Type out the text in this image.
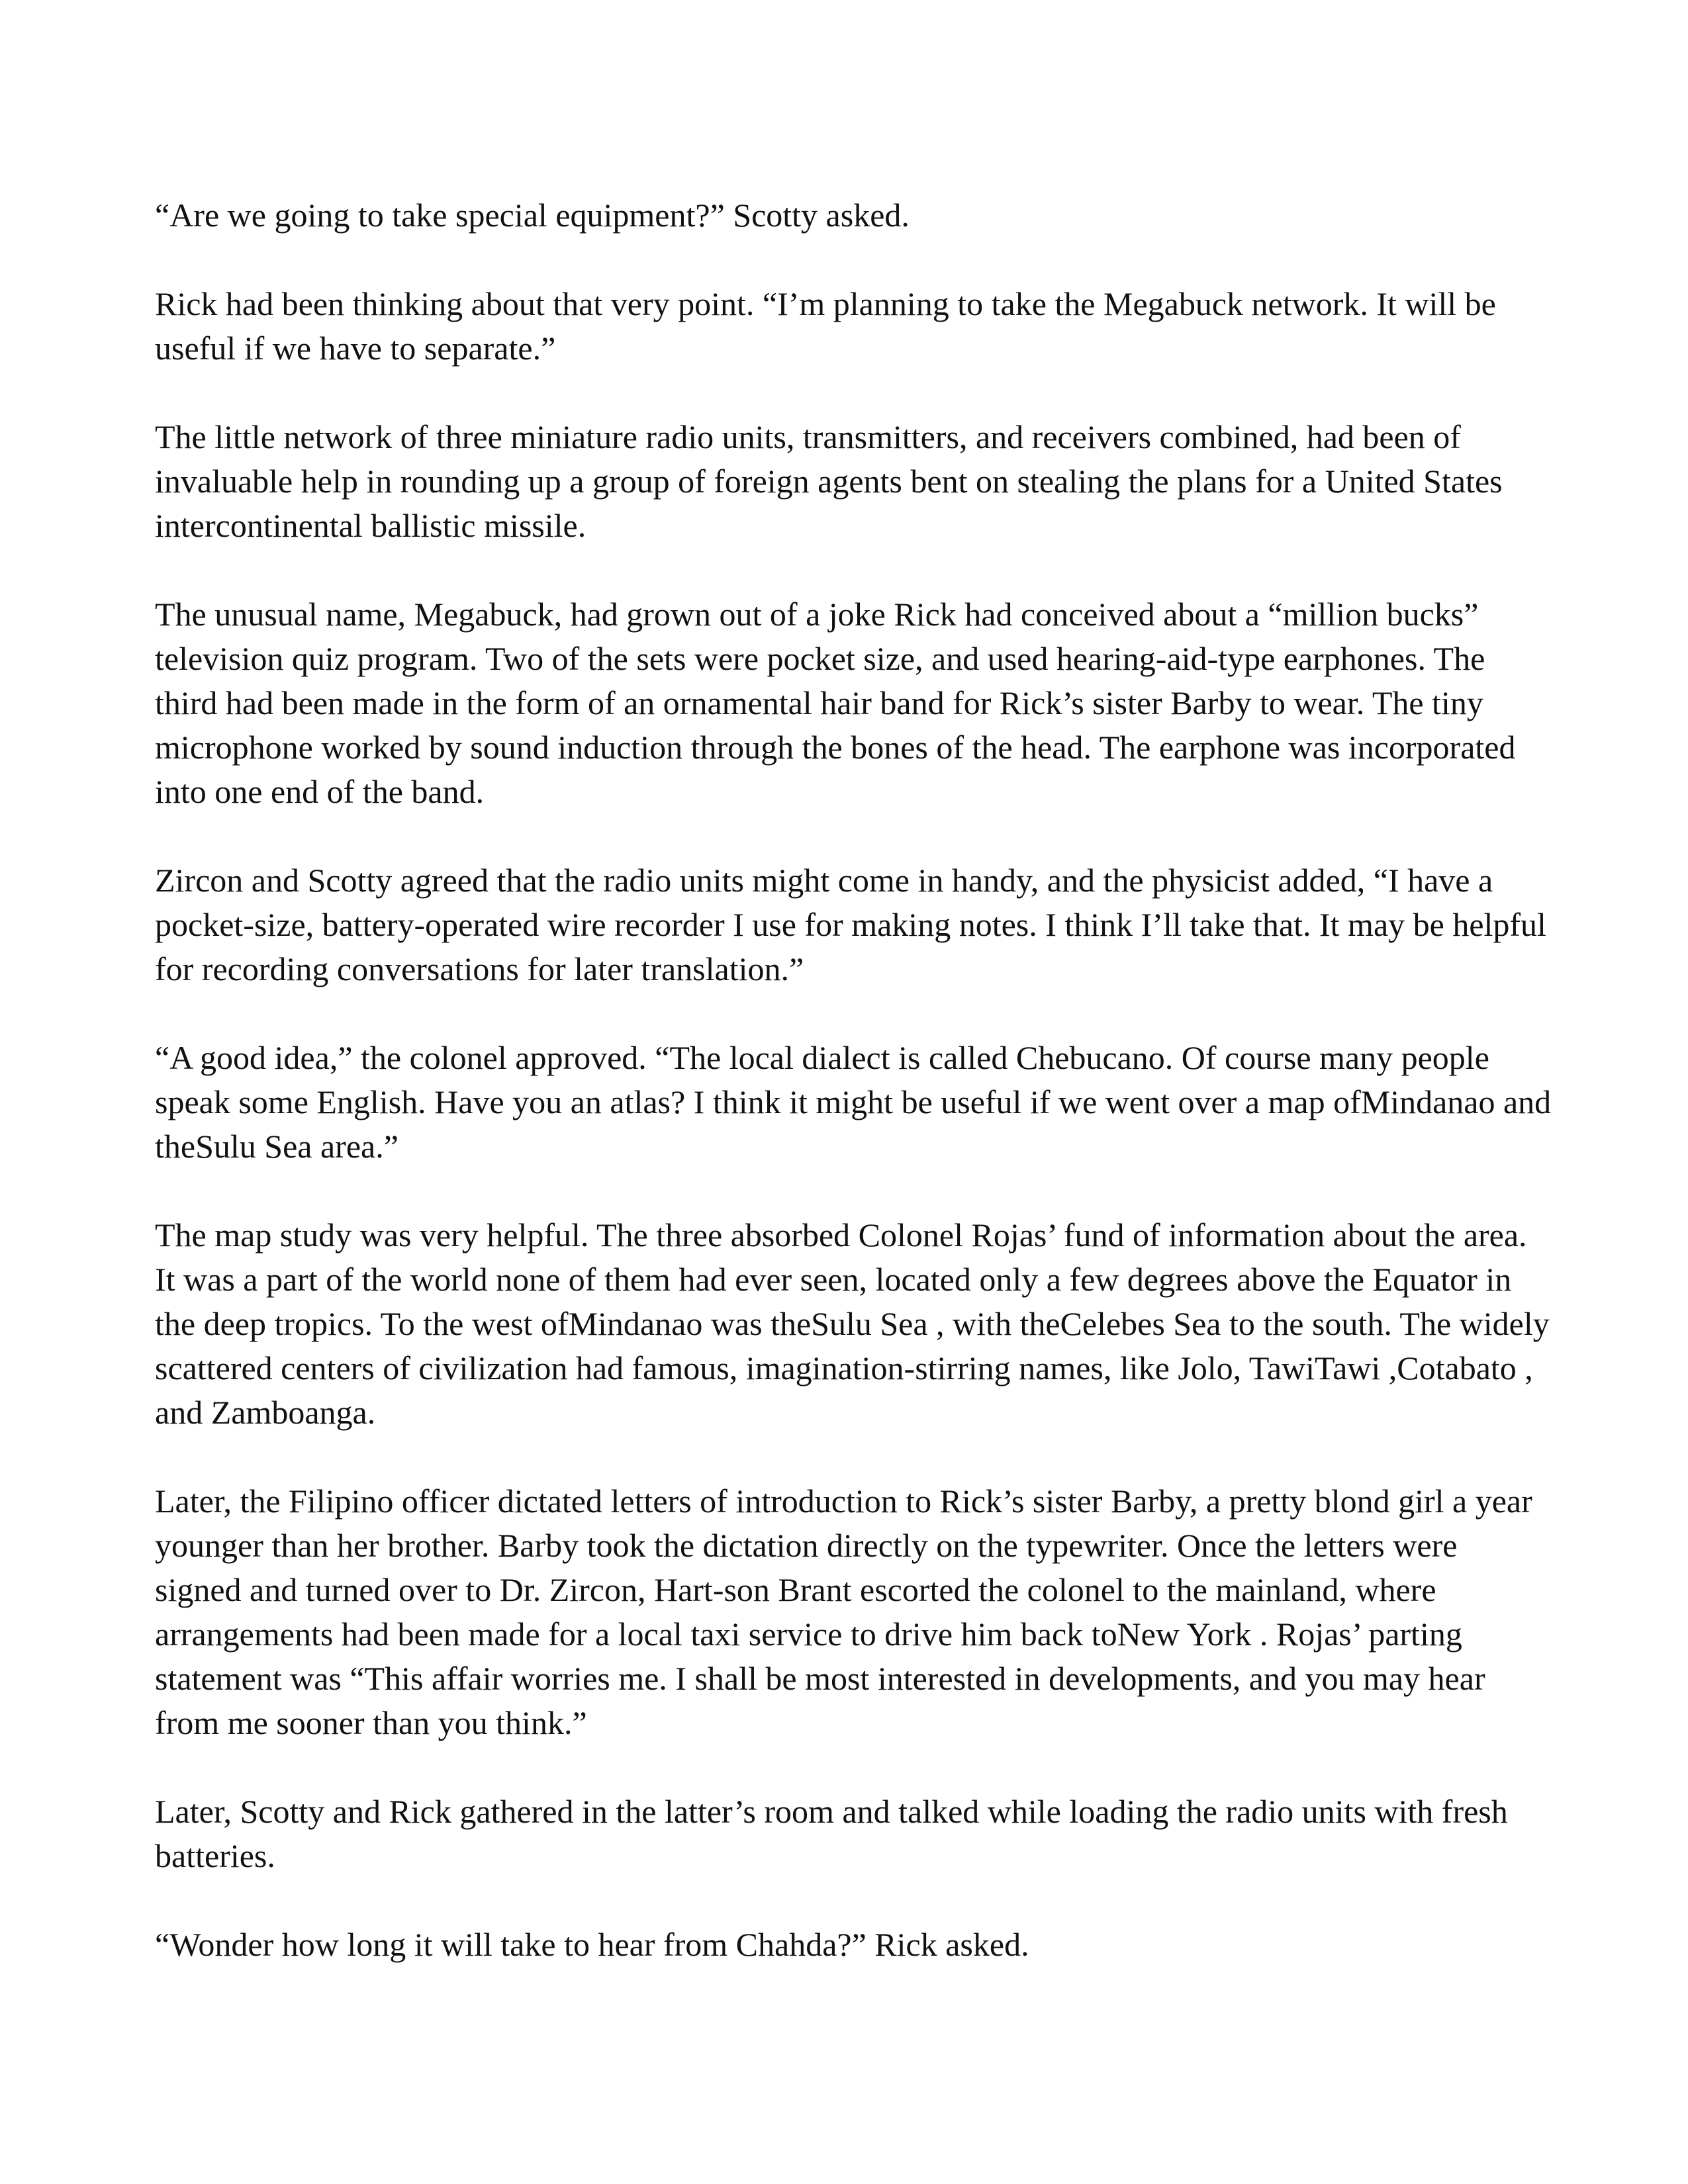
“Are we going to take special equipment?” Scotty asked.

Rick had been thinking about that very point. “I’m planning to take the Megabuck network. It will be useful if we have to separate.”

The little network of three miniature radio units, transmitters, and receivers combined, had been of invaluable help in rounding up a group of foreign agents bent on stealing the plans for a United States intercontinental ballistic missile.

The unusual name, Megabuck, had grown out of a joke Rick had conceived about a “million bucks” television quiz program. Two of the sets were pocket size, and used hearing-aid-type earphones. The third had been made in the form of an ornamental hair band for Rick’s sister Barby to wear. The tiny microphone worked by sound induction through the bones of the head. The earphone was incorporated into one end of the band.

Zircon and Scotty agreed that the radio units might come in handy, and the physicist added, “I have a pocket-size, battery-operated wire recorder I use for making notes. I think I’ll take that. It may be helpful for recording conversations for later translation.”

“A good idea,” the colonel approved. “The local dialect is called Chebucano. Of course many people speak some English. Have you an atlas? I think it might be useful if we went over a map ofMindanao and theSulu Sea area.”

The map study was very helpful. The three absorbed Colonel Rojas’ fund of information about the area. It was a part of the world none of them had ever seen, located only a few degrees above the Equator in the deep tropics. To the west ofMindanao was theSulu Sea , with theCelebes Sea to the south. The widely scattered centers of civilization had famous, imagination-stirring names, like Jolo, TawiTawi ,Cotabato , and Zamboanga.

Later, the Filipino officer dictated letters of introduction to Rick’s sister Barby, a pretty blond girl a year younger than her brother. Barby took the dictation directly on the typewriter. Once the letters were signed and turned over to Dr. Zircon, Hart-son Brant escorted the colonel to the mainland, where arrangements had been made for a local taxi service to drive him back toNew York . Rojas’ parting statement was “This affair worries me. I shall be most interested in developments, and you may hear from me sooner than you think.”

Later, Scotty and Rick gathered in the latter’s room and talked while loading the radio units with fresh batteries.

“Wonder how long it will take to hear from Chahda?” Rick asked.
